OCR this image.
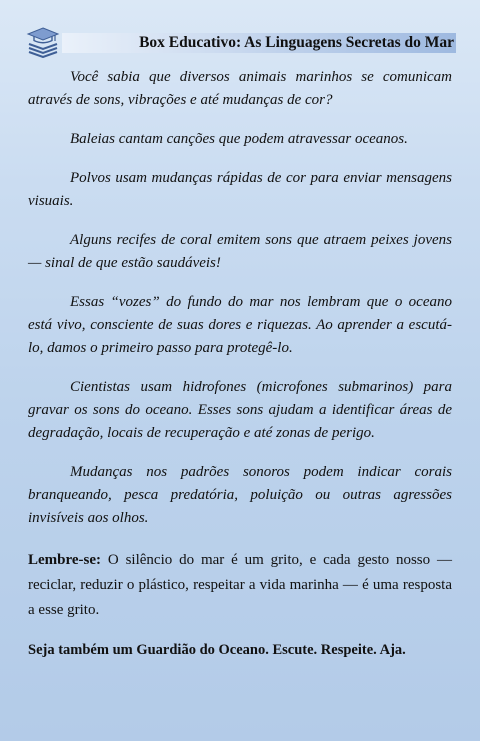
Box Educativo: As Linguagens Secretas do Mar

Você sabia que diversos animais marinhos se comunicam através de sons, vibrações e até mudanças de cor?

Baleias cantam canções que podem atravessar oceanos.

Polvos usam mudanças rápidas de cor para enviar mensagens visuais.

Alguns recifes de coral emitem sons que atraem peixes jovens — sinal de que estão saudáveis!

Essas “vozes” do fundo do mar nos lembram que o oceano está vivo, consciente de suas dores e riquezas. Ao aprender a escutá-lo, damos o primeiro passo para protegê-lo.

Cientistas usam hidrofones (microfones submarinos) para gravar os sons do oceano. Esses sons ajudam a identificar áreas de degradação, locais de recuperação e até zonas de perigo.

Mudanças nos padrões sonoros podem indicar corais branqueando, pesca predatória, poluição ou outras agressões invisíveis aos olhos.

Lembre-se: O silêncio do mar é um grito, e cada gesto nosso — reciclar, reduzir o plástico, respeitar a vida marinha — é uma resposta a esse grito.

Seja também um Guardião do Oceano. Escute. Respeite. Aja.
